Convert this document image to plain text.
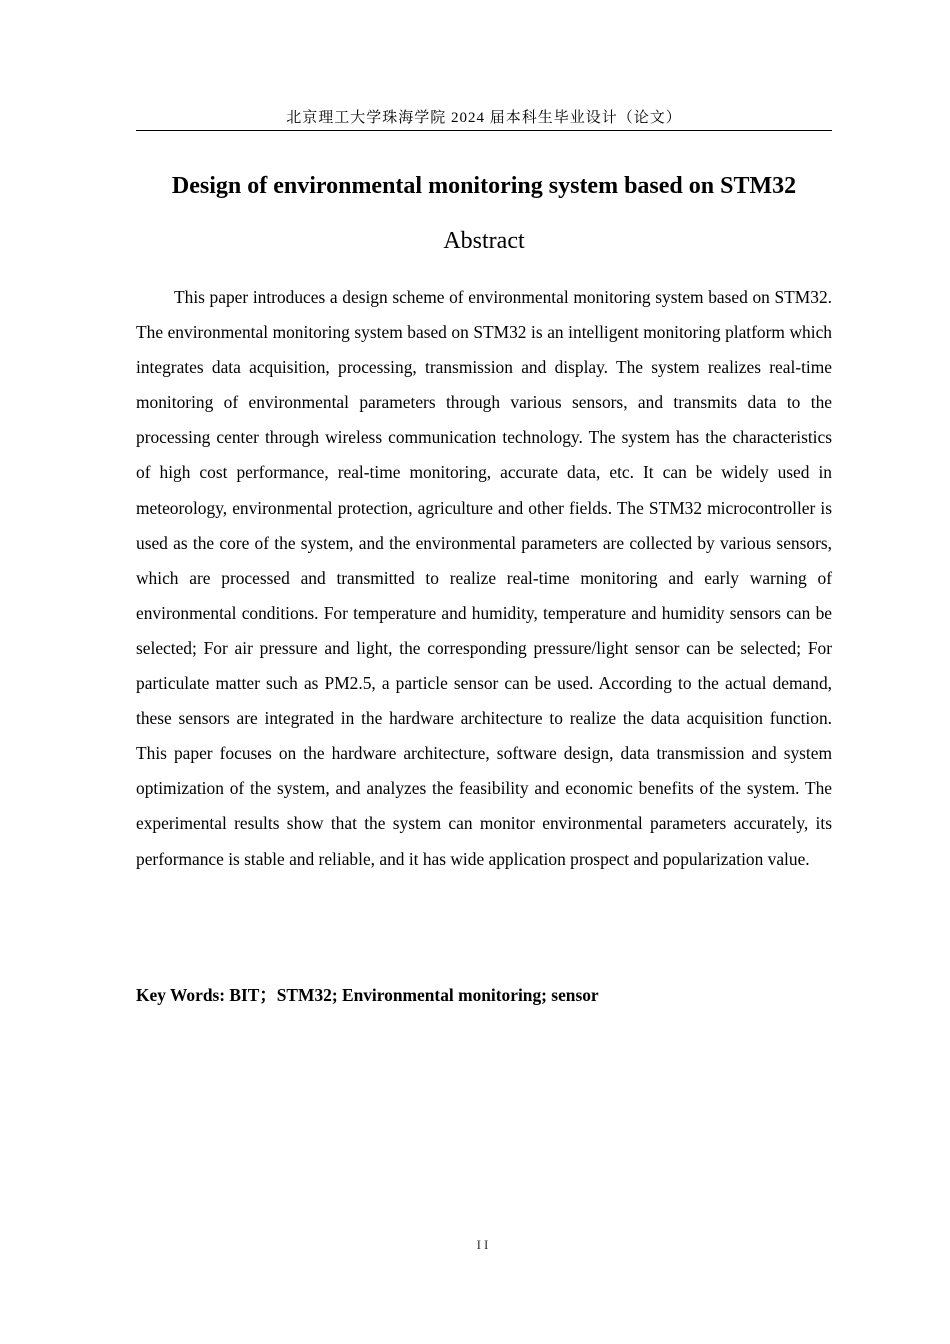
北京理工大学珠海学院 2024 届本科生毕业设计（论文）
Design of environmental monitoring system based on STM32
Abstract

This paper introduces a design scheme of environmental monitoring system based on STM32. The environmental monitoring system based on STM32 is an intelligent monitoring platform which integrates data acquisition, processing, transmission and display. The system realizes real-time monitoring of environmental parameters through various sensors, and transmits data to the processing center through wireless communication technology. The system has the characteristics of high cost performance, real-time monitoring, accurate data, etc. It can be widely used in meteorology, environmental protection, agriculture and other fields. The STM32 microcontroller is used as the core of the system, and the environmental parameters are collected by various sensors, which are processed and transmitted to realize real-time monitoring and early warning of environmental conditions. For temperature and humidity, temperature and humidity sensors can be selected; For air pressure and light, the corresponding pressure/light sensor can be selected; For particulate matter such as PM2.5, a particle sensor can be used. According to the actual demand, these sensors are integrated in the hardware architecture to realize the data acquisition function. This paper focuses on the hardware architecture, software design, data transmission and system optimization of the system, and analyzes the feasibility and economic benefits of the system. The experimental results show that the system can monitor environmental parameters accurately, its performance is stable and reliable, and it has wide application prospect and popularization value.

Key Words: BIT；STM32; Environmental monitoring; sensor
II
